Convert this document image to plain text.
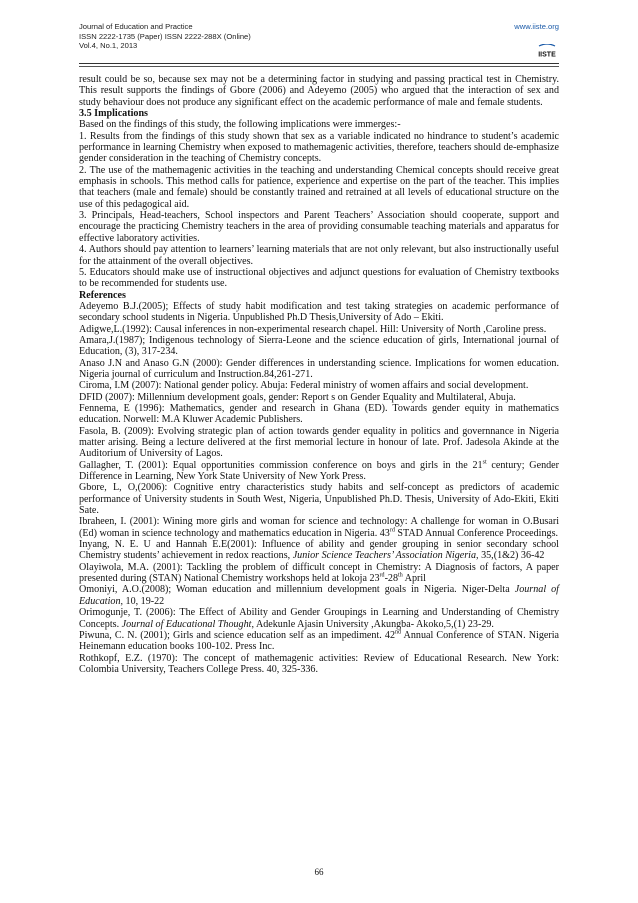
Journal of Education and Practice
ISSN 2222-1735 (Paper) ISSN 2222-288X (Online)
Vol.4, No.1, 2013
www.iiste.org
IISTE

result could be so, because sex may not be a determining factor in studying and passing practical test in Chemistry. This result supports the findings of Gbore (2006) and Adeyemo (2005) who argued that the interaction of sex and study behaviour does not produce any significant effect on the academic performance of male and female students.

3.5 Implications

Based on the findings of this study, the following implications were immerges:-

1. Results from the findings of this study shown that sex as a variable indicated no hindrance to student’s academic performance in learning Chemistry when exposed to mathemagenic activities, therefore, teachers should de-emphasize gender consideration in the teaching of Chemistry concepts.

2. The use of the mathemagenic activities in the teaching and understanding Chemical concepts should receive great emphasis in schools. This method calls for patience, experience and expertise on the part of the teacher. This implies that teachers (male and female) should be constantly trained and retrained at all levels of educational structure on the use of this pedagogical aid.

3. Principals, Head-teachers, School inspectors and Parent Teachers’ Association should cooperate, support and encourage the practicing Chemistry teachers in the area of providing consumable teaching materials and apparatus for effective laboratory activities.

4. Authors should pay attention to learners’ learning materials that are not only relevant, but also instructionally useful for the attainment of the overall objectives.

5. Educators should make use of instructional objectives and adjunct questions for evaluation of Chemistry textbooks to be recommended for students use.

References

Adeyemo B.J.(2005); Effects of study habit modification and test taking strategies on academic performance of secondary school students in Nigeria. Unpublished Ph.D Thesis,University of Ado – Ekiti.

Adigwe,L.(1992): Causal inferences in non-experimental research chapel. Hill: University of North ,Caroline press.

Amara,J.(1987); Indigenous technology of Sierra-Leone and the science education of girls, International journal of Education, (3), 317-234.

Anaso J.N and Anaso G.N (2000): Gender differences in understanding science. Implications for women education. Nigeria journal of curriculum and Instruction.84,261-271.

Ciroma, I.M (2007): National gender policy. Abuja: Federal ministry of women affairs and social development.

DFID (2007): Millennium development goals, gender: Report s on Gender Equality and Multilateral, Abuja.

Fennema, E (1996): Mathematics, gender and research in Ghana (ED). Towards gender equity in mathematics education. Norwell: M.A Kluwer Academic Publishers.

Fasola, B. (2009): Evolving strategic plan of action towards gender equality in politics and governnance in Nigeria matter arising. Being a lecture delivered at the first memorial lecture in honour of late. Prof. Jadesola Akinde at the Auditorium of University of Lagos.

Gallagher, T. (2001): Equal opportunities commission conference on boys and girls in the 21st century; Gender Difference in Learning, New York State University of New York Press.

Gbore, L, O,(2006): Cognitive entry characteristics study habits and self-concept as predictors of academic performance of University students in South West, Nigeria, Unpublished Ph.D. Thesis, University of Ado-Ekiti, Ekiti Sate.

Ibraheen, I. (2001): Wining more girls and woman for science and technology: A challenge for woman in O.Busari (Ed) woman in science technology and mathematics education in Nigeria. 43rd STAD Annual Conference Proceedings.

Inyang, N. E. U and Hannah E.E(2001): Influence of ability and gender grouping in senior secondary school Chemistry students’ achievement in redox reactions, Junior Science Teachers’ Association Nigeria, 35,(1&2) 36-42

Olayiwola, M.A. (2001): Tackling the problem of difficult concept in Chemistry: A Diagnosis of factors, A paper presented during (STAN) National Chemistry workshops held at lokoja 23rd-28th April

Omoniyi, A.O.(2008); Woman education and millennium development goals in Nigeria. Niger-Delta Journal of Education, 10, 19-22

Orimogunje, T. (2006): The Effect of Ability and Gender Groupings in Learning and Understanding of Chemistry Concepts. Journal of Educational Thought, Adekunle Ajasin University ,Akungba- Akoko,5,(1) 23-29.

Piwuna, C. N. (2001); Girls and science education self as an impediment. 42nd Annual Conference of STAN. Nigeria Heinemann education books 100-102. Press Inc.

Rothkopf, E.Z. (1970): The concept of mathemagenic activities: Review of Educational Research. New York: Colombia University, Teachers College Press. 40, 325-336.

66
